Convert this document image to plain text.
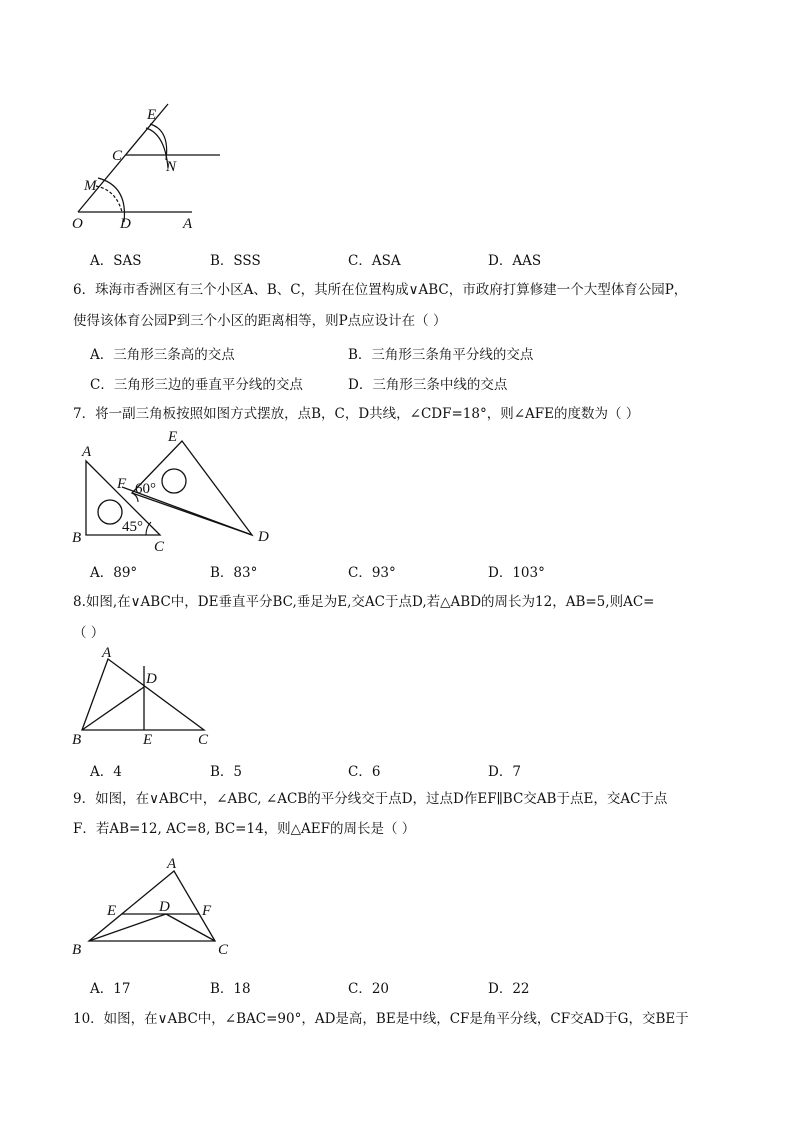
E
C
N
M
O D	A
A．SAS	B．SSS	C．ASA	D．AAS
6．珠海市香洲区有三个小区A、B、C，其所在位置构成∨ABC，市政府打算修建一个大型体育公园P，
使得该体育公园P到三个小区的距离相等，则P点应设计在（ ）
A．三角形三条高的交点	B．三角形三条角平分线的交点
C．三角形三边的垂直平分线的交点	D．三角形三条中线的交点
7．将一副三角板按照如图方式摆放，点B，C，D共线，∠CDF=18°，则∠AFE的度数为（ ）
A
E
F 60°
45°
B
C
D
A．89°	B．83°	C．93°	D．103°
8.如图,在∨ABC中，DE垂直平分BC,垂足为E,交AC于点D,若△ABD的周长为12，AB=5,则AC=
（ ）
A
D
B	E	C
A．4	B．5	C．6	D．7
9．如图，在∨ABC中，∠ABC, ∠ACB的平分线交于点D，过点D作EF∥BC交AB于点E，交AC于点
F．若AB=12, AC=8, BC=14，则△AEF的周长是（ ）
A
E	D F
B	C
A．17	B．18	C．20	D．22
10．如图，在∨ABC中，∠BAC=90°，AD是高，BE是中线，CF是角平分线，CF交AD于G，交BE于
